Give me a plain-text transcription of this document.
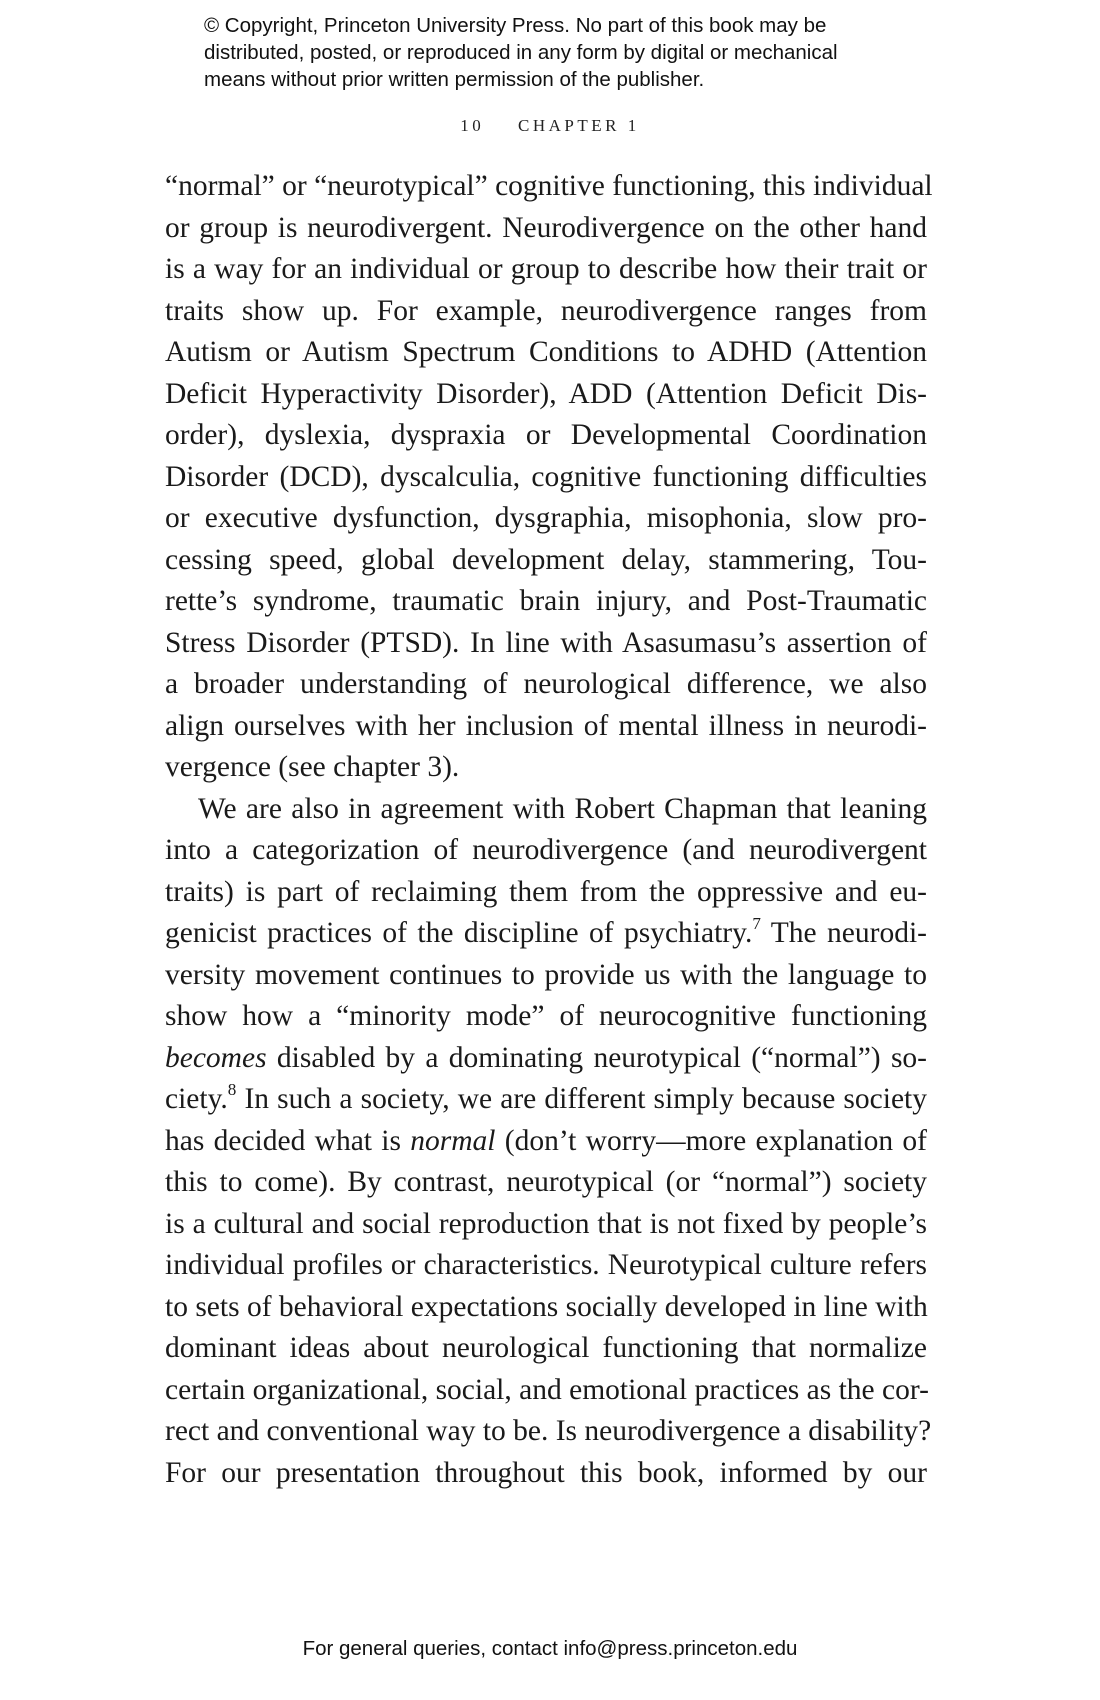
© Copyright, Princeton University Press. No part of this book may be
distributed, posted, or reproduced in any form by digital or mechanical
means without prior written permission of the publisher.
10 CHAPTER 1
“normal” or “neurotypical” cognitive functioning, this individual
or group is neurodivergent. Neurodivergence on the other hand
is a way for an individual or group to describe how their trait or
traits show up. For example, neurodivergence ranges from
Autism or Autism Spectrum Conditions to ADHD (Attention
Deficit Hyperactivity Disorder), ADD (Attention Deficit Dis-
order), dyslexia, dyspraxia or Developmental Coordination
Disorder (DCD), dyscalculia, cognitive functioning difficulties
or executive dysfunction, dysgraphia, misophonia, slow pro-
cessing speed, global development delay, stammering, Tou-
rette’s syndrome, traumatic brain injury, and Post-Traumatic
Stress Disorder (PTSD). In line with Asasumasu’s assertion of
a broader understanding of neurological difference, we also
align ourselves with her inclusion of mental illness in neurodi-
vergence (see chapter 3).
We are also in agreement with Robert Chapman that leaning
into a categorization of neurodivergence (and neurodivergent
traits) is part of reclaiming them from the oppressive and eu-
genicist practices of the discipline of psychiatry.$^7$ The neurodi-
versity movement continues to provide us with the language to
show how a “minority mode” of neurocognitive functioning
becomes disabled by a dominating neurotypical (“normal”) so-
ciety.$^8$ In such a society, we are different simply because society
has decided what is normal (don’t worry—more explanation of
this to come). By contrast, neurotypical (or “normal”) society
is a cultural and social reproduction that is not fixed by people’s
individual profiles or characteristics. Neurotypical culture refers
to sets of behavioral expectations socially developed in line with
dominant ideas about neurological functioning that normalize
certain organizational, social, and emotional practices as the cor-
rect and conventional way to be. Is neurodivergence a disability?
For our presentation throughout this book, informed by our
For general queries, contact info@press.princeton.edu
